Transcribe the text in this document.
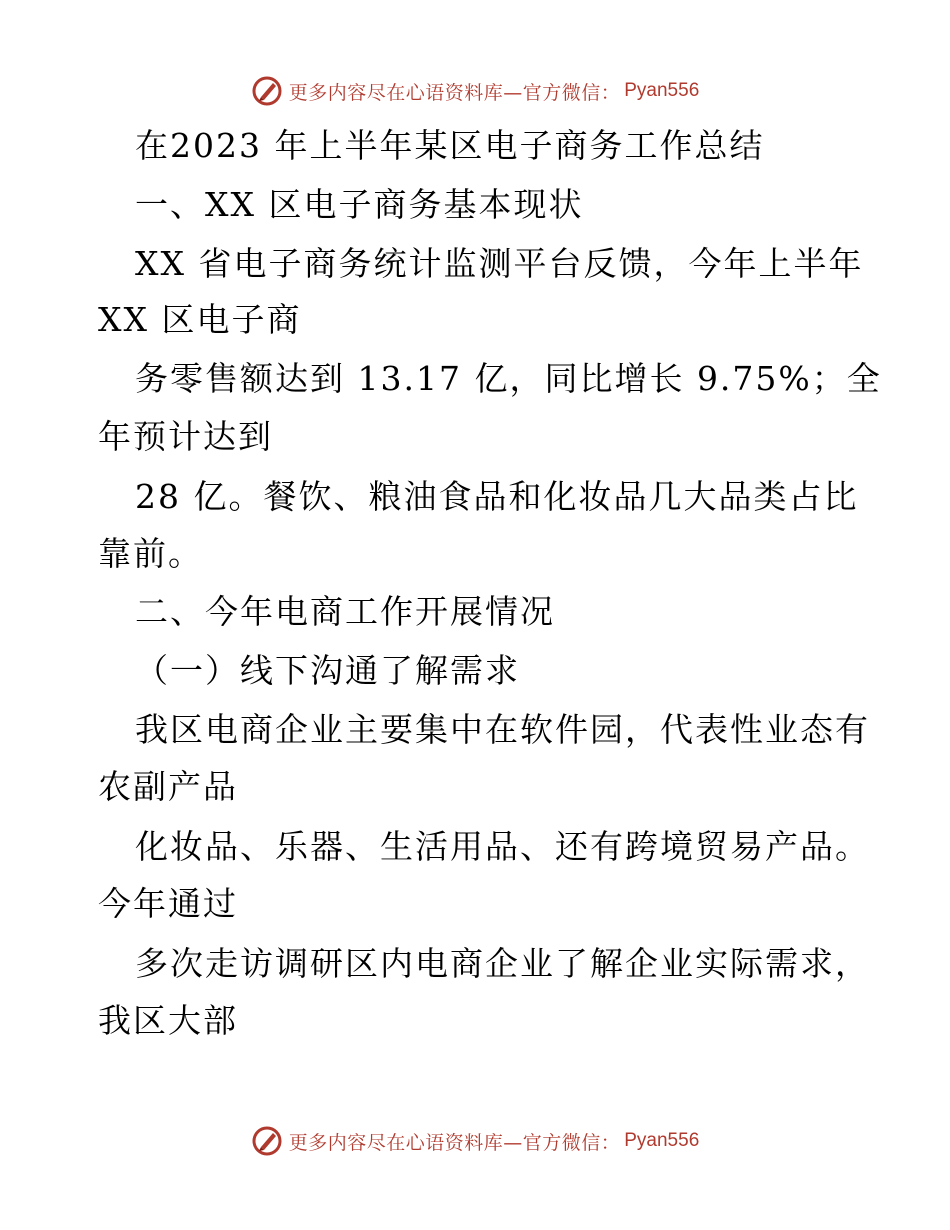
更多内容尽在心语资料库—官方微信： Pyan556
在2023 年上半年某区电子商务工作总结
一、XX 区电子商务基本现状
XX 省电子商务统计监测平台反馈，今年上半年
XX 区电子商
务零售额达到 13.17 亿，同比增长 9.75%；全
年预计达到
28 亿。餐饮、粮油食品和化妆品几大品类占比
靠前。
二、今年电商工作开展情况
（一）线下沟通了解需求
我区电商企业主要集中在软件园，代表性业态有
农副产品
化妆品、乐器、生活用品、还有跨境贸易产品。
今年通过
多次走访调研区内电商企业了解企业实际需求，
我区大部
更多内容尽在心语资料库—官方微信： Pyan556
